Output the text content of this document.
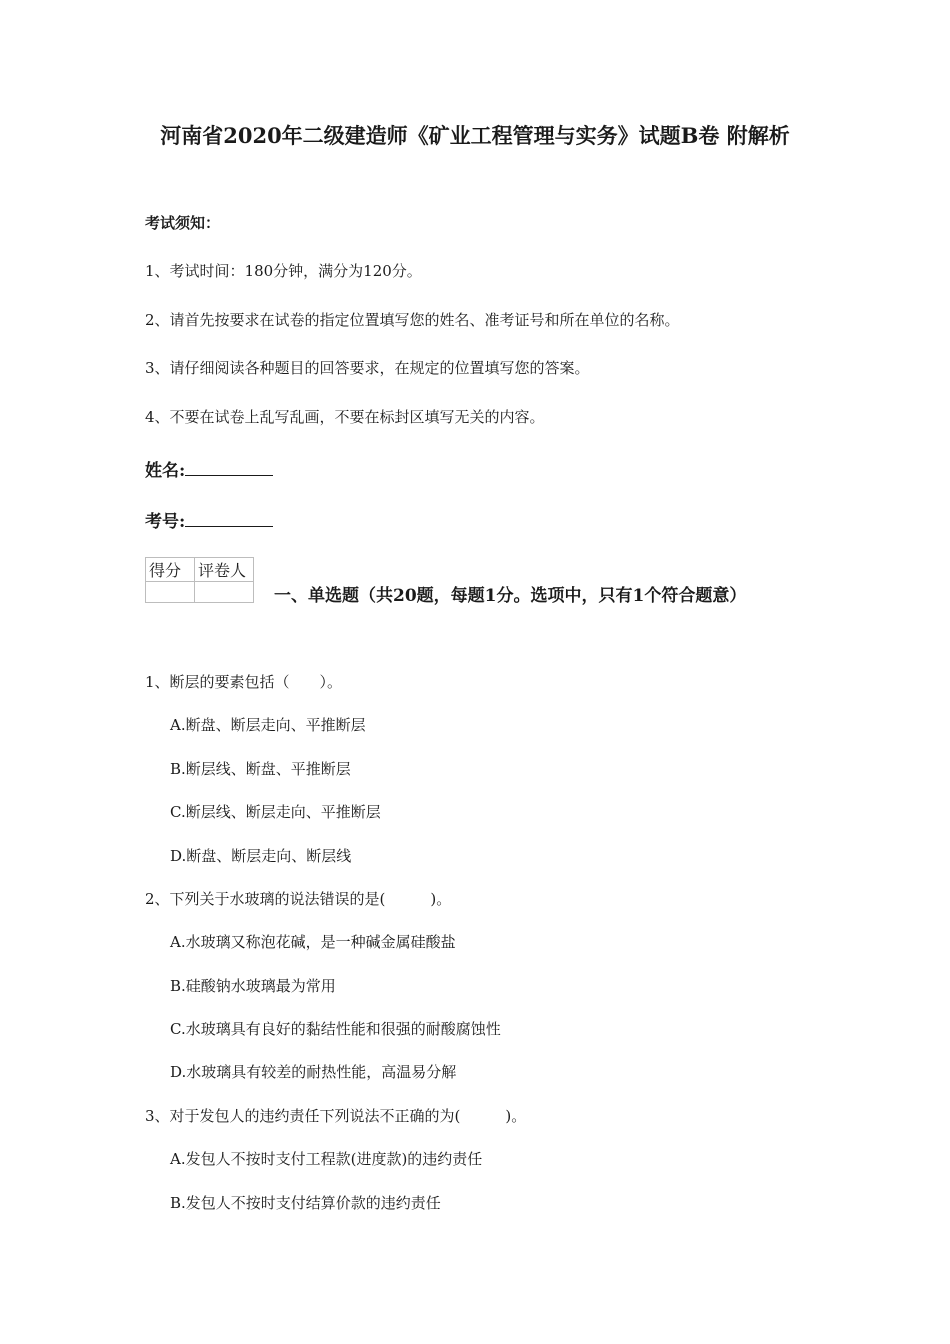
河南省2020年二级建造师《矿业工程管理与实务》试题B卷 附解析
考试须知：
1、考试时间：180分钟，满分为120分。
2、请首先按要求在试卷的指定位置填写您的姓名、准考证号和所在单位的名称。
3、请仔细阅读各种题目的回答要求，在规定的位置填写您的答案。
4、不要在试卷上乱写乱画，不要在标封区填写无关的内容。
姓名:
考号:
得分	评卷人

一、单选题（共20题，每题1分。选项中，只有1个符合题意）
1、断层的要素包括（　　）。
A.断盘、断层走向、平推断层
B.断层线、断盘、平推断层
C.断层线、断层走向、平推断层
D.断盘、断层走向、断层线
2、下列关于水玻璃的说法错误的是(　　　)。
A.水玻璃又称泡花碱，是一种碱金属硅酸盐
B.硅酸钠水玻璃最为常用
C.水玻璃具有良好的黏结性能和很强的耐酸腐蚀性
D.水玻璃具有较差的耐热性能，高温易分解
3、对于发包人的违约责任下列说法不正确的为(　　　)。
A.发包人不按时支付工程款(进度款)的违约责任
B.发包人不按时支付结算价款的违约责任
